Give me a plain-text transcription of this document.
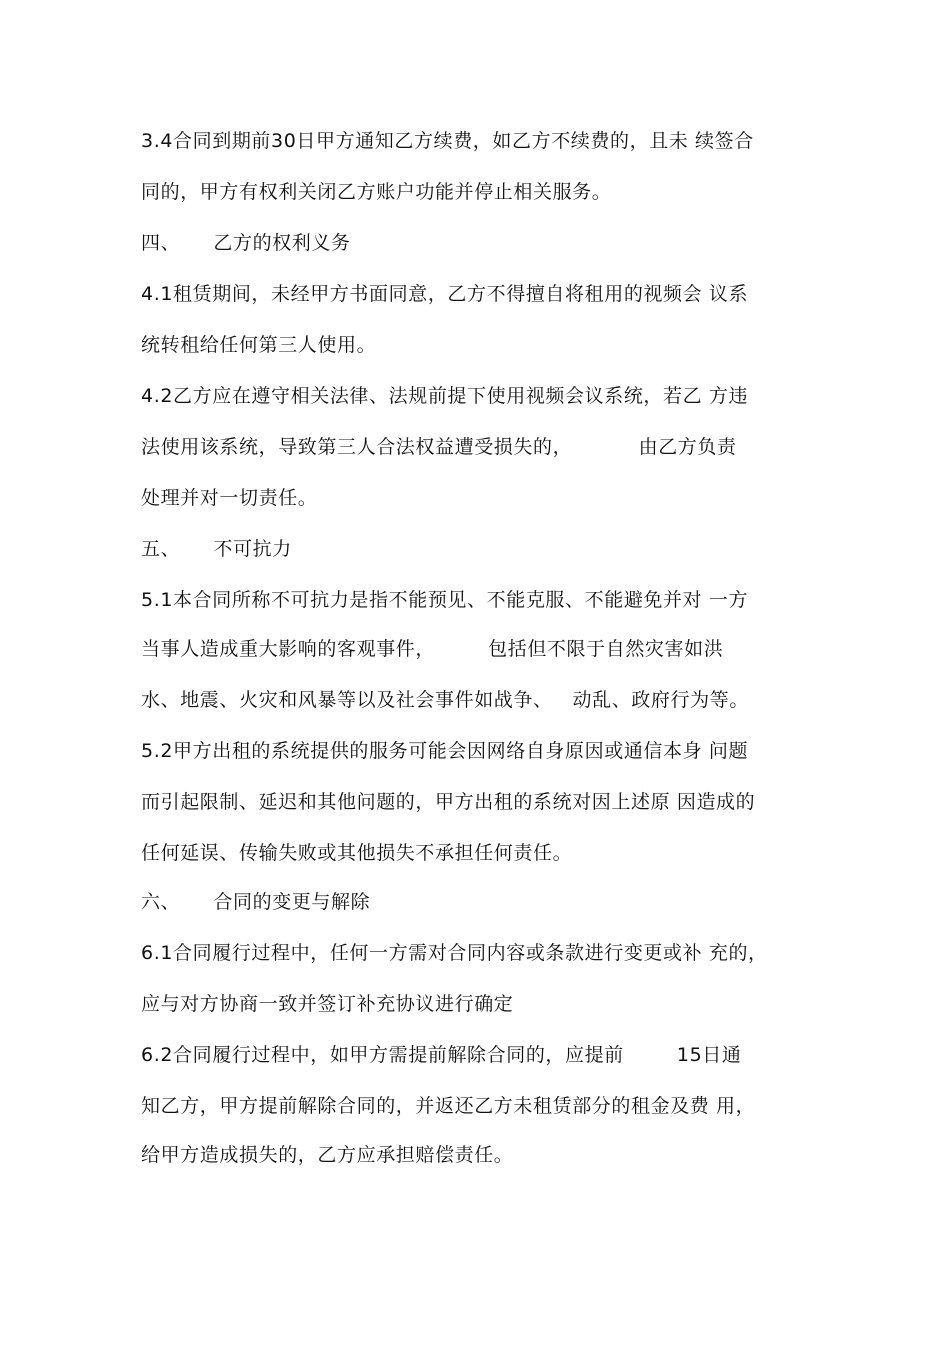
3.4合同到期前30日甲方通知乙方续费，如乙方不续费的，且未 续签合
同的，甲方有权利关闭乙方账户功能并停止相关服务。
四、     乙方的权利义务
4.1租赁期间，未经甲方书面同意，乙方不得擅自将租用的视频会 议系
统转租给任何第三人使用。
4.2乙方应在遵守相关法律、法规前提下使用视频会议系统，若乙 方违
法使用该系统，导致第三人合法权益遭受损失的，          由乙方负责
处理并对一切责任。
五、     不可抗力
5.1本合同所称不可抗力是指不能预见、不能克服、不能避免并对 一方
当事人造成重大影响的客观事件，        包括但不限于自然灾害如洪
水、地震、火灾和风暴等以及社会事件如战争、   动乱、政府行为等。
5.2甲方出租的系统提供的服务可能会因网络自身原因或通信本身 问题
而引起限制、延迟和其他问题的，甲方出租的系统对因上述原 因造成的
任何延误、传输失败或其他损失不承担任何责任。
六、     合同的变更与解除
6.1合同履行过程中，任何一方需对合同内容或条款进行变更或补 充的，
应与对方协商一致并签订补充协议进行确定
6.2合同履行过程中，如甲方需提前解除合同的，应提前        15日通
知乙方，甲方提前解除合同的，并返还乙方未租赁部分的租金及费 用，
给甲方造成损失的，乙方应承担赔偿责任。
